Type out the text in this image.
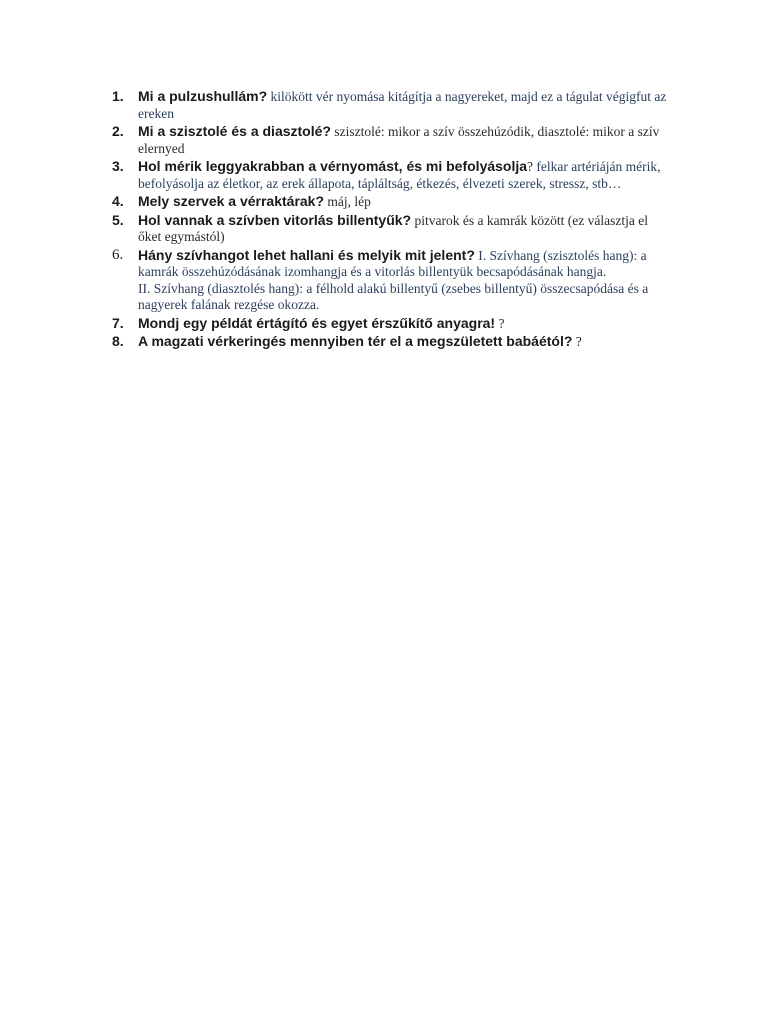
1. Mi a pulzushullám? kilökött vér nyomása kitágítja a nagyereket, majd ez a tágulat végigfut az ereken
2. Mi a szisztolé és a diasztolé? szisztolé: mikor a szív összehúzódik, diasztolé: mikor a szív elernyed
3. Hol mérik leggyakrabban a vérnyomást, és mi befolyásolja? felkar artériáján mérik, befolyásolja az életkor, az erek állapota, tápláltság, étkezés, élvezeti szerek, stressz, stb…
4. Mely szervek a vérraktárak? máj, lép
5. Hol vannak a szívben vitorlás billentyűk? pitvarok és a kamrák között (ez választja el őket egymástól)
6. Hány szívhangot lehet hallani és melyik mit jelent? I. Szívhang (szisztolés hang): a kamrák összehúzódásának izomhangja és a vitorlás billentyük becsapódásának hangja.
II. Szívhang (diasztolés hang): a félhold alakú billentyű (zsebes billentyű) összecsapódása és a nagyerek falának rezgése okozza.
7. Mondj egy példát értágító és egyet érszűkítő anyagra! ?
8. A magzati vérkeringés mennyiben tér el a megszületett babáétól? ?
